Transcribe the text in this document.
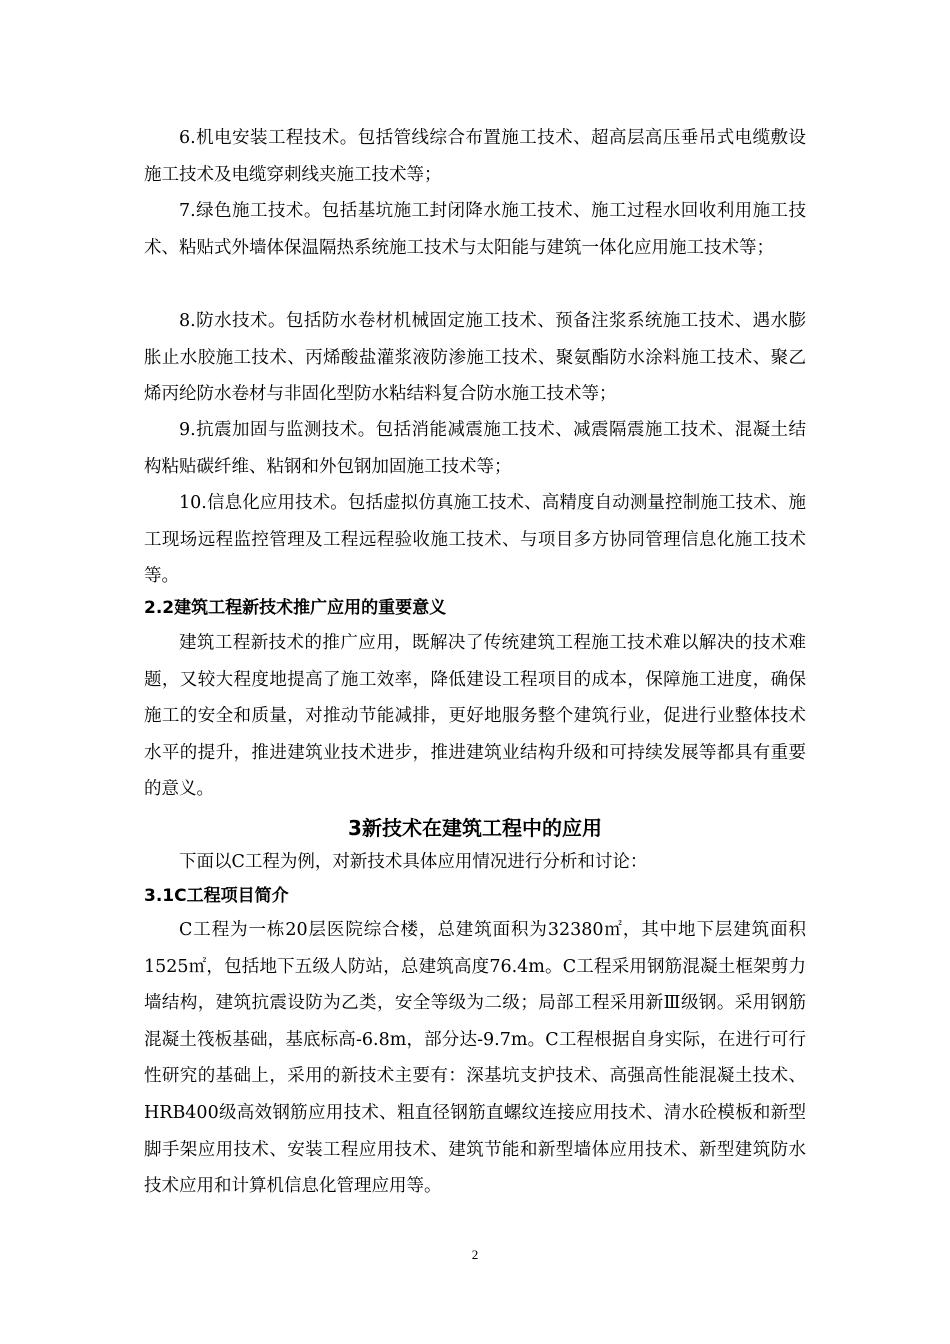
6.机电安装工程技术。包括管线综合布置施工技术、超高层高压垂吊式电缆敷设施工技术及电缆穿刺线夹施工技术等；

7.绿色施工技术。包括基坑施工封闭降水施工技术、施工过程水回收利用施工技术、粘贴式外墙体保温隔热系统施工技术与太阳能与建筑一体化应用施工技术等；

8.防水技术。包括防水卷材机械固定施工技术、预备注浆系统施工技术、遇水膨胀止水胶施工技术、丙烯酸盐灌浆液防渗施工技术、聚氨酯防水涂料施工技术、聚乙烯丙纶防水卷材与非固化型防水粘结料复合防水施工技术等；

9.抗震加固与监测技术。包括消能减震施工技术、减震隔震施工技术、混凝土结构粘贴碳纤维、粘钢和外包钢加固施工技术等；

10.信息化应用技术。包括虚拟仿真施工技术、高精度自动测量控制施工技术、施工现场远程监控管理及工程远程验收施工技术、与项目多方协同管理信息化施工技术等。

2.2建筑工程新技术推广应用的重要意义

建筑工程新技术的推广应用，既解决了传统建筑工程施工技术难以解决的技术难题，又较大程度地提高了施工效率，降低建设工程项目的成本，保障施工进度，确保施工的安全和质量，对推动节能减排，更好地服务整个建筑行业，促进行业整体技术水平的提升，推进建筑业技术进步，推进建筑业结构升级和可持续发展等都具有重要的意义。

3新技术在建筑工程中的应用

下面以C工程为例，对新技术具体应用情况进行分析和讨论：

3.1C工程项目简介

C工程为一栋20层医院综合楼，总建筑面积为32380㎡，其中地下层建筑面积1525㎡，包括地下五级人防站，总建筑高度76.4m。C工程采用钢筋混凝土框架剪力墙结构，建筑抗震设防为乙类，安全等级为二级；局部工程采用新Ⅲ级钢。采用钢筋混凝土筏板基础，基底标高-6.8m，部分达-9.7m。C工程根据自身实际，在进行可行性研究的基础上，采用的新技术主要有：深基坑支护技术、高强高性能混凝土技术、HRB400级高效钢筋应用技术、粗直径钢筋直螺纹连接应用技术、清水砼模板和新型脚手架应用技术、安装工程应用技术、建筑节能和新型墙体应用技术、新型建筑防水技术应用和计算机信息化管理应用等。

2
